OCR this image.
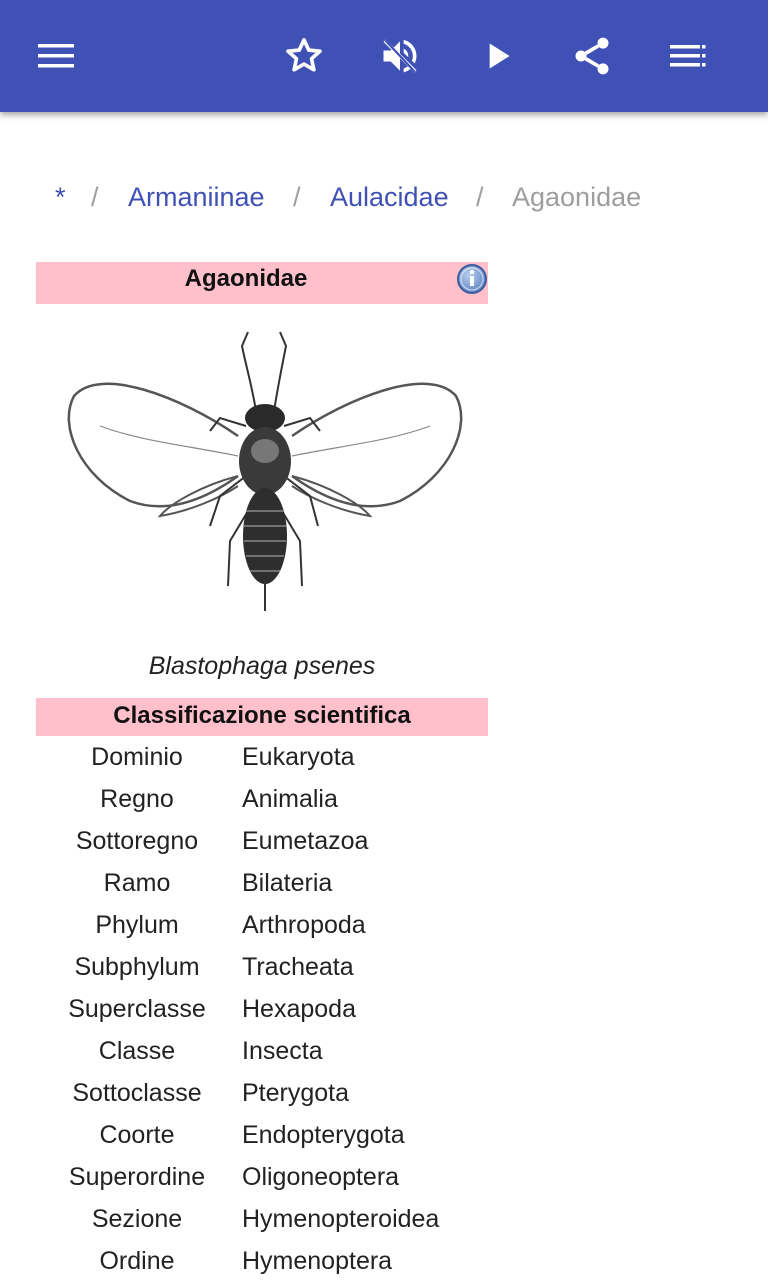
* / Armaniinae / Aulacidae / Agaonidae
Agaonidae
Blastophaga psenes
Classificazione scientifica
Dominio	Eukaryota
Regno	Animalia
Sottoregno	Eumetazoa
Ramo	Bilateria
Phylum	Arthropoda
Subphylum	Tracheata
Superclasse	Hexapoda
Classe	Insecta
Sottoclasse	Pterygota
Coorte	Endopterygota
Superordine	Oligoneoptera
Sezione	Hymenopteroidea
Ordine	Hymenoptera
